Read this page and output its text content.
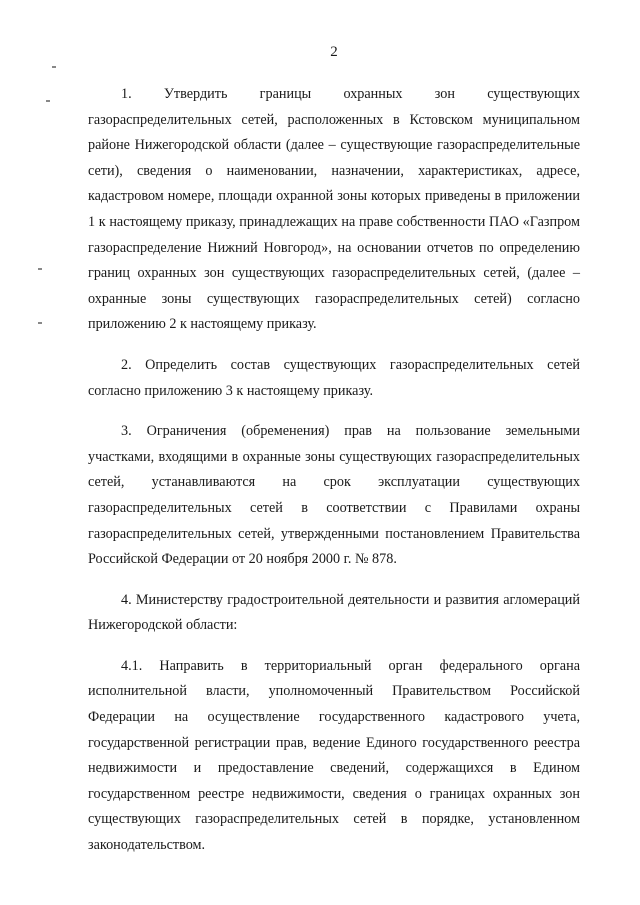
2

1. Утвердить границы охранных зон существующих газораспределительных сетей, расположенных в Кстовском муниципальном районе Нижегородской области (далее – существующие газораспределительные сети), сведения о наименовании, назначении, характеристиках, адресе, кадастровом номере, площади охранной зоны которых приведены в приложении 1 к настоящему приказу, принадлежащих на праве собственности ПАО «Газпром газораспределение Нижний Новгород», на основании отчетов по определению границ охранных зон существующих газораспределительных сетей, (далее – охранные зоны существующих газораспределительных сетей) согласно приложению 2 к настоящему приказу.

2. Определить состав существующих газораспределительных сетей согласно приложению 3 к настоящему приказу.

3. Ограничения (обременения) прав на пользование земельными участками, входящими в охранные зоны существующих газораспределительных сетей, устанавливаются на срок эксплуатации существующих газораспределительных сетей в соответствии с Правилами охраны газораспределительных сетей, утвержденными постановлением Правительства Российской Федерации от 20 ноября 2000 г. № 878.

4. Министерству градостроительной деятельности и развития агломераций Нижегородской области:

4.1. Направить в территориальный орган федерального органа исполнительной власти, уполномоченный Правительством Российской Федерации на осуществление государственного кадастрового учета, государственной регистрации прав, ведение Единого государственного реестра недвижимости и предоставление сведений, содержащихся в Едином государственном реестре недвижимости, сведения о границах охранных зон существующих газораспределительных сетей в порядке, установленном законодательством.
